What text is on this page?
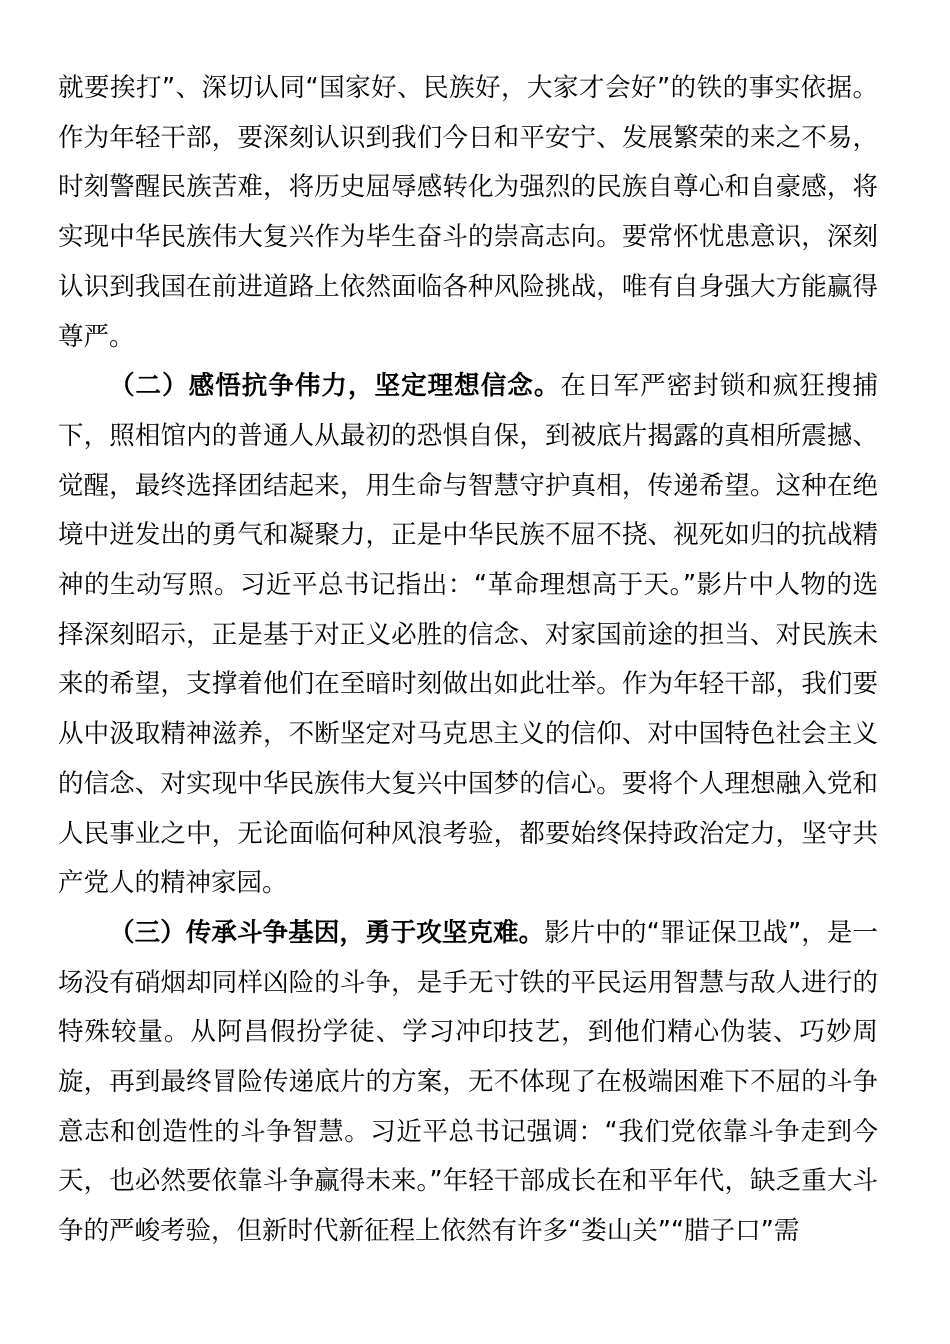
就要挨打”、深切认同“国家好、民族好，大家才会好”的铁的事实依据。作为年轻干部，要深刻认识到我们今日和平安宁、发展繁荣的来之不易，时刻警醒民族苦难，将历史屈辱感转化为强烈的民族自尊心和自豪感，将实现中华民族伟大复兴作为毕生奋斗的崇高志向。要常怀忧患意识，深刻认识到我国在前进道路上依然面临各种风险挑战，唯有自身强大方能赢得尊严。

（二）感悟抗争伟力，坚定理想信念。在日军严密封锁和疯狂搜捕下，照相馆内的普通人从最初的恐惧自保，到被底片揭露的真相所震撼、觉醒，最终选择团结起来，用生命与智慧守护真相，传递希望。这种在绝境中迸发出的勇气和凝聚力，正是中华民族不屈不挠、视死如归的抗战精神的生动写照。习近平总书记指出：“革命理想高于天。”影片中人物的选择深刻昭示，正是基于对正义必胜的信念、对家国前途的担当、对民族未来的希望，支撑着他们在至暗时刻做出如此壮举。作为年轻干部，我们要从中汲取精神滋养，不断坚定对马克思主义的信仰、对中国特色社会主义的信念、对实现中华民族伟大复兴中国梦的信心。要将个人理想融入党和人民事业之中，无论面临何种风浪考验，都要始终保持政治定力，坚守共产党人的精神家园。

（三）传承斗争基因，勇于攻坚克难。影片中的“罪证保卫战”，是一场没有硝烟却同样凶险的斗争，是手无寸铁的平民运用智慧与敌人进行的特殊较量。从阿昌假扮学徒、学习冲印技艺，到他们精心伪装、巧妙周旋，再到最终冒险传递底片的方案，无不体现了在极端困难下不屈的斗争意志和创造性的斗争智慧。习近平总书记强调：“我们党依靠斗争走到今天，也必然要依靠斗争赢得未来。”年轻干部成长在和平年代，缺乏重大斗争的严峻考验，但新时代新征程上依然有许多“娄山关”“腊子口”需
